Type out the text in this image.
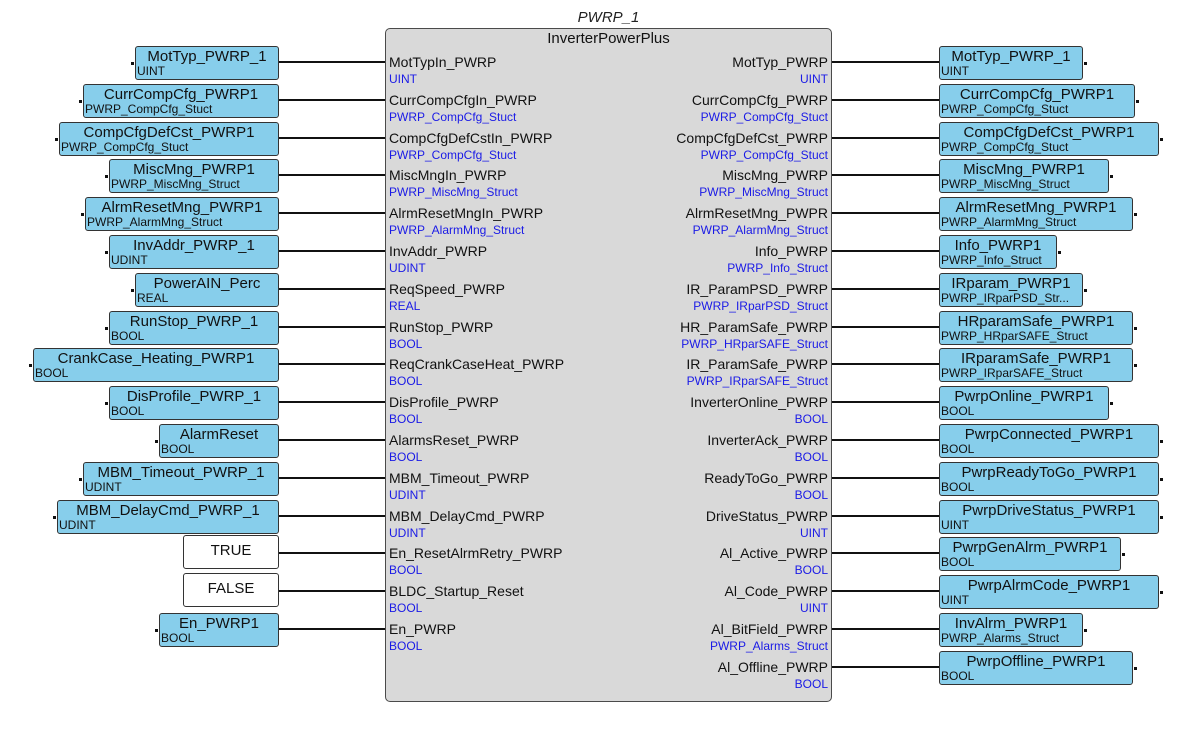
PWRP_1
InverterPowerPlus
MotTypIn_PWRP
UINT
CurrCompCfgIn_PWRP
PWRP_CompCfg_Stuct
CompCfgDefCstIn_PWRP
PWRP_CompCfg_Stuct
MiscMngIn_PWRP
PWRP_MiscMng_Struct
AlrmResetMngIn_PWRP
PWRP_AlarmMng_Struct
InvAddr_PWRP
UDINT
ReqSpeed_PWRP
REAL
RunStop_PWRP
BOOL
ReqCrankCaseHeat_PWRP
BOOL
DisProfile_PWRP
BOOL
AlarmsReset_PWRP
BOOL
MBM_Timeout_PWRP
UDINT
MBM_DelayCmd_PWRP
UDINT
En_ResetAlrmRetry_PWRP
BOOL
BLDC_Startup_Reset
BOOL
En_PWRP
BOOL
MotTyp_PWRP
UINT
CurrCompCfg_PWRP
PWRP_CompCfg_Stuct
CompCfgDefCst_PWRP
PWRP_CompCfg_Stuct
MiscMng_PWRP
PWRP_MiscMng_Struct
AlrmResetMng_PWPR
PWRP_AlarmMng_Struct
Info_PWRP
PWRP_Info_Struct
IR_ParamPSD_PWRP
PWRP_IRparPSD_Struct
HR_ParamSafe_PWRP
PWRP_HRparSAFE_Struct
IR_ParamSafe_PWRP
PWRP_IRparSAFE_Struct
InverterOnline_PWRP
BOOL
InverterAck_PWRP
BOOL
ReadyToGo_PWRP
BOOL
DriveStatus_PWRP
UINT
Al_Active_PWRP
BOOL
Al_Code_PWRP
UINT
Al_BitField_PWRP
PWRP_Alarms_Struct
Al_Offline_PWRP
BOOL
MotTyp_PWRP_1
UINT
CurrCompCfg_PWRP1
PWRP_CompCfg_Stuct
CompCfgDefCst_PWRP1
PWRP_CompCfg_Stuct
MiscMng_PWRP1
PWRP_MiscMng_Struct
AlrmResetMng_PWRP1
PWRP_AlarmMng_Struct
InvAddr_PWRP_1
UDINT
PowerAIN_Perc
REAL
RunStop_PWRP_1
BOOL
CrankCase_Heating_PWRP1
BOOL
DisProfile_PWRP_1
BOOL
AlarmReset
BOOL
MBM_Timeout_PWRP_1
UDINT
MBM_DelayCmd_PWRP_1
UDINT
TRUE
FALSE
En_PWRP1
BOOL
MotTyp_PWRP_1
UINT
CurrCompCfg_PWRP1
PWRP_CompCfg_Stuct
CompCfgDefCst_PWRP1
PWRP_CompCfg_Stuct
MiscMng_PWRP1
PWRP_MiscMng_Struct
AlrmResetMng_PWRP1
PWRP_AlarmMng_Struct
Info_PWRP1
PWRP_Info_Struct
IRparam_PWRP1
PWRP_IRparPSD_Str...
HRparamSafe_PWRP1
PWRP_HRparSAFE_Struct
IRparamSafe_PWRP1
PWRP_IRparSAFE_Struct
PwrpOnline_PWRP1
BOOL
PwrpConnected_PWRP1
BOOL
PwrpReadyToGo_PWRP1
BOOL
PwrpDriveStatus_PWRP1
UINT
PwrpGenAlrm_PWRP1
BOOL
PwrpAlrmCode_PWRP1
UINT
InvAlrm_PWRP1
PWRP_Alarms_Struct
PwrpOffline_PWRP1
BOOL
